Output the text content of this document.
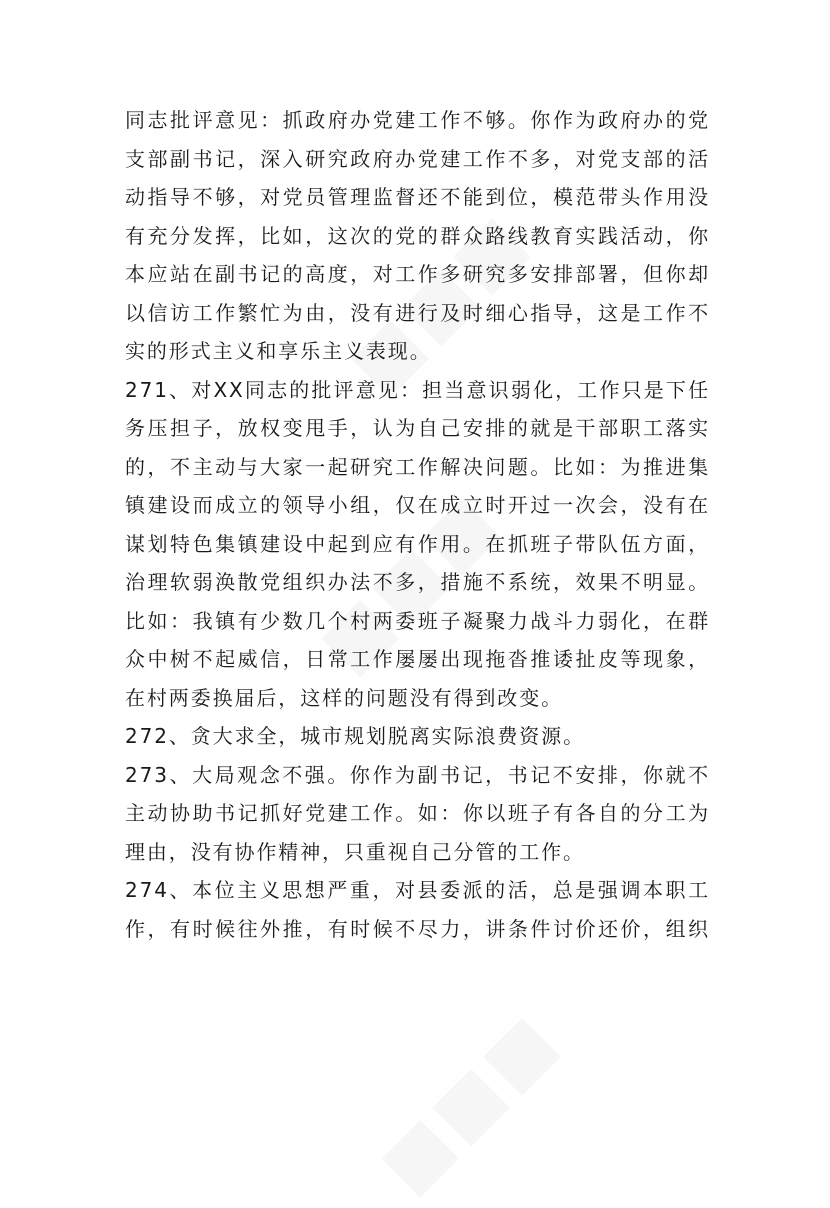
同志批评意见：抓政府办党建工作不够。你作为政府办的党
支部副书记，深入研究政府办党建工作不多，对党支部的活
动指导不够，对党员管理监督还不能到位，模范带头作用没
有充分发挥，比如，这次的党的群众路线教育实践活动，你
本应站在副书记的高度，对工作多研究多安排部署，但你却
以信访工作繁忙为由，没有进行及时细心指导，这是工作不
实的形式主义和享乐主义表现。
271、对XX同志的批评意见：担当意识弱化，工作只是下任
务压担子，放权变甩手，认为自己安排的就是干部职工落实
的，不主动与大家一起研究工作解决问题。比如：为推进集
镇建设而成立的领导小组，仅在成立时开过一次会，没有在
谋划特色集镇建设中起到应有作用。在抓班子带队伍方面，
治理软弱涣散党组织办法不多，措施不系统，效果不明显。
比如：我镇有少数几个村两委班子凝聚力战斗力弱化，在群
众中树不起威信，日常工作屡屡出现拖沓推诿扯皮等现象，
在村两委换届后，这样的问题没有得到改变。
272、贪大求全，城市规划脱离实际浪费资源。
273、大局观念不强。你作为副书记，书记不安排，你就不
主动协助书记抓好党建工作。如：你以班子有各自的分工为
理由，没有协作精神，只重视自己分管的工作。
274、本位主义思想严重，对县委派的活，总是强调本职工
作，有时候往外推，有时候不尽力，讲条件讨价还价，组织
